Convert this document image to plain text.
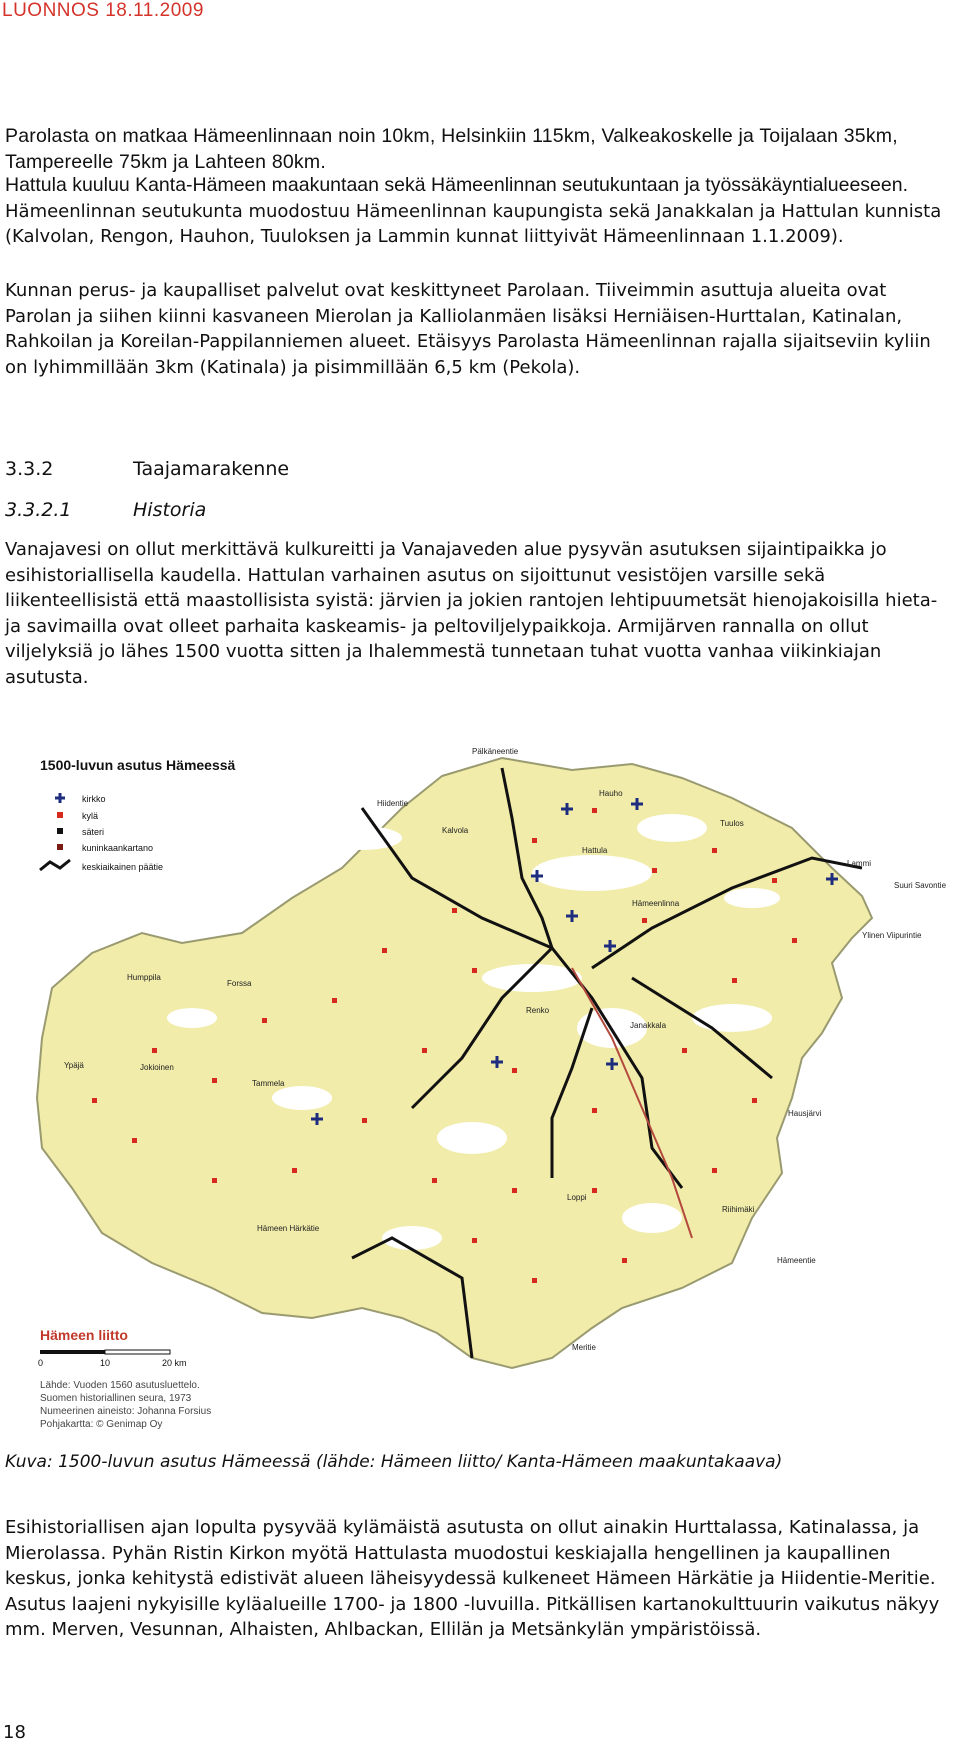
LUONNOS 18.11.2009

Parolasta on matkaa Hämeenlinnaan noin 10km, Helsinkiin 115km, Valkeakoskelle ja Toijalaan 35km, Tampereelle 75km ja Lahteen 80km.

Hattula kuuluu Kanta-Hämeen maakuntaan sekä Hämeenlinnan seutukuntaan ja työssäkäyntialueeseen. Hämeenlinnan seutukunta muodostuu Hämeenlinnan kaupungista sekä Janakkalan ja Hattulan kunnista (Kalvolan, Rengon, Hauhon, Tuuloksen ja Lammin kunnat liittyivät Hämeenlinnaan 1.1.2009).

Kunnan perus- ja kaupalliset palvelut ovat keskittyneet Parolaan. Tiiveimmin asuttuja alueita ovat Parolan ja siihen kiinni kasvaneen Mierolan ja Kalliolanmäen lisäksi Herniäisen-Hurttalan, Katinalan, Rahkoilan ja Koreilan-Pappilanniemen alueet. Etäisyys Parolasta Hämeenlinnan rajalla sijaitseviin kyliin on lyhimmillään 3km (Katinala) ja pisimmillään 6,5 km (Pekola).

3.3.2	Taajamarakenne
3.3.2.1	Historia

Vanajavesi on ollut merkittävä kulkureitti ja Vanajaveden alue pysyvän asutuksen sijaintipaikka jo esihistoriallisella kaudella. Hattulan varhainen asutus on sijoittunut vesistöjen varsille sekä liikenteellisistä että maastollisista syistä: järvien ja jokien rantojen lehtipuumetsät hienojakoisilla hieta- ja savimailla ovat olleet parhaita kaskeamis- ja peltoviljelypaikkoja. Armijärven rannalla on ollut viljelyksiä jo lähes 1500 vuotta sitten ja Ihalemmestä tunnetaan tuhat vuotta vanhaa viikinkiajan asutusta.

Pälkäneentie
Hauho
Tuulos
Lammi
Suuri Savontie
Ylinen Viipurintie
Hiidentie
Kalvola
Hattula
Hämeenlinna
Humppila
Forssa
Renko
Janakkala
Ypäjä	Jokioinen
Tammela
Hausjärvi
Loppi
Riihimäki
Hämeen Härkätie
Hämeentie
Meritie
1500-luvun asutus Hämeessä
kirkko
kylä
säteri
kuninkaankartano
keskiaikainen päätie
Hämeen liitto
0	10	20 km
Lähde: Vuoden 1560 asutusluettelo.
Suomen historiallinen seura, 1973
Numeerinen aineisto: Johanna Forsius
Pohjakartta: © Genimap Oy
Kuva: 1500-luvun asutus Hämeessä (lähde: Hämeen liitto/ Kanta-Hämeen maakuntakaava)

Esihistoriallisen ajan lopulta pysyvää kylämäistä asutusta on ollut ainakin Hurttalassa, Katinalassa, ja Mierolassa. Pyhän Ristin Kirkon myötä Hattulasta muodostui keskiajalla hengellinen ja kaupallinen keskus, jonka kehitystä edistivät alueen läheisyydessä kulkeneet Hämeen Härkätie ja Hiidentie-Meritie. Asutus laajeni nykyisille kyläalueille 1700- ja 1800 -luvuilla. Pitkällisen kartanokulttuurin vaikutus näkyy mm. Merven, Vesunnan, Alhaisten, Ahlbackan, Ellilän ja Metsänkylän ympäristöissä.

18
